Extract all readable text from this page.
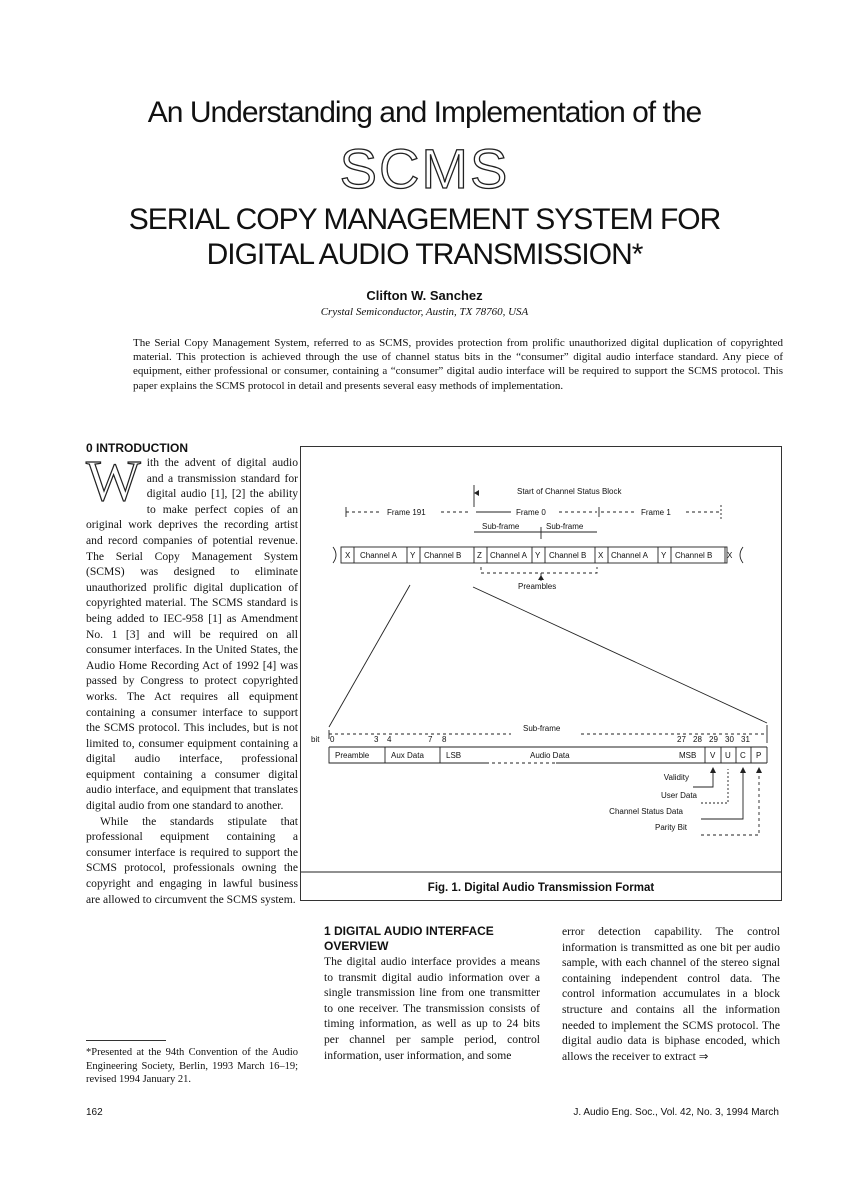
An Understanding and Implementation of the
SCMS
SERIAL COPY MANAGEMENT SYSTEM FOR
DIGITAL AUDIO TRANSMISSION*
Clifton W. Sanchez
Crystal Semiconductor, Austin, TX 78760, USA
The Serial Copy Management System, referred to as SCMS, provides protection from prolific unauthorized digital duplication of copyrighted material. This protection is achieved through the use of channel status bits in the “consumer” digital audio interface standard. Any piece of equipment, either professional or consumer, containing a “consumer” digital audio interface will be required to support the SCMS protocol. This paper explains the SCMS protocol in detail and presents several easy methods of implementation.
0 INTRODUCTION

With the advent of digital audio and a transmission standard for digital audio [1], [2] the ability to make perfect copies of an original work deprives the recording artist and record companies of potential revenue. The Serial Copy Management System (SCMS) was designed to eliminate unauthorized prolific digital duplication of copyrighted material. The SCMS standard is being added to IEC-958 [1] as Amendment No. 1 [3] and will be required on all consumer interfaces. In the United States, the Audio Home Recording Act of 1992 [4] was passed by Congress to protect copyrighted works. The Act requires all equipment containing a consumer interface to support the SCMS protocol. This includes, but is not limited to, consumer equipment containing a digital audio interface, professional equipment containing a consumer digital audio interface, and equipment that translates digital audio from one standard to another.

While the standards stipulate that professional equipment containing a consumer interface is required to support the SCMS protocol, professionals owning the copyright and engaging in lawful business are allowed to circumvent the SCMS system.

*Presented at the 94th Convention of the Audio Engineering Society, Berlin, 1993 March 16–19; revised 1994 January 21.
Start of Channel Status Block
Frame 191	Frame 0	Frame 1
Sub-frame	Sub-frame
X Channel A Y Channel B Z Channel A Y Channel B X Channel A Y Channel B X
Preambles
Sub-frame
bit 0	3 4	7 8	27 28 29 30 31
Preamble	Aux Data	LSB	Audio Data	MSB V U C P
Validity
User Data
Channel Status Data
Parity Bit
Fig. 1. Digital Audio Transmission Format
1 DIGITAL AUDIO INTERFACE
OVERVIEW

The digital audio interface provides a means to transmit digital audio information over a single transmission line from one transmitter to one receiver. The transmission consists of timing information, as well as up to 24 bits per channel per sample period, control information, user information, and some

error detection capability. The control information is transmitted as one bit per audio sample, with each channel of the stereo signal containing independent control data. The control information accumulates in a block structure and contains all the information needed to implement the SCMS protocol. The digital audio data is biphase encoded, which allows the receiver to extract ⇒

162	J. Audio Eng. Soc., Vol. 42, No. 3, 1994 March
